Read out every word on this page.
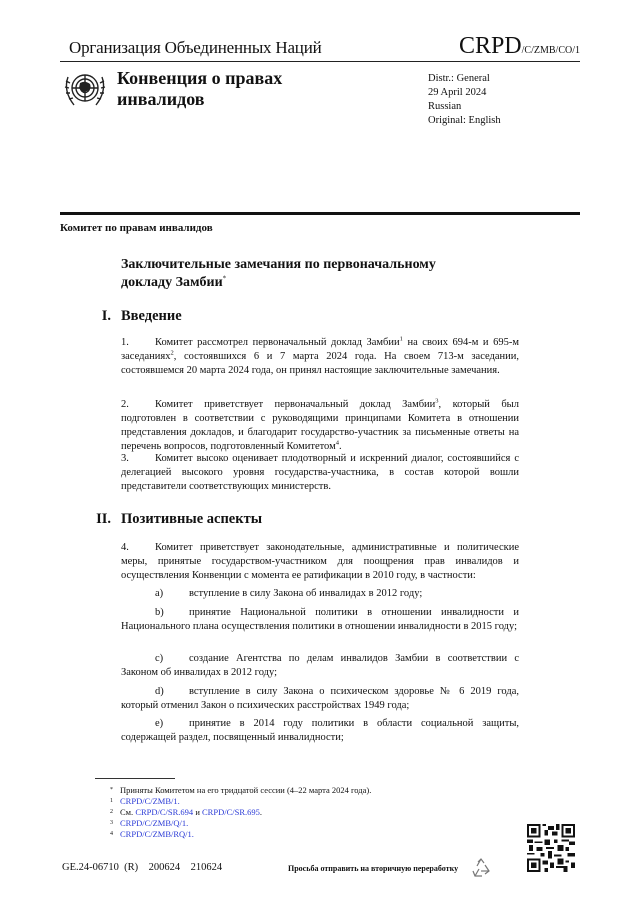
Организация Объединенных Наций	CRPD/C/ZMB/CO/1
Конвенция о правах
инвалидов
Distr.: General
29 April 2024
Russian
Original: English
Комитет по правам инвалидов
Заключительные замечания по первоначальному
докладу Замбии*
I. Введение
1. Комитет рассмотрел первоначальный доклад Замбии$^1$ на своих 694-м и 695-м заседаниях$^2$, состоявшихся 6 и 7 марта 2024 года. На своем 713-м заседании, состоявшемся 20 марта 2024 года, он принял настоящие заключительные замечания.
2. Комитет приветствует первоначальный доклад Замбии$^3$, который был подготовлен в соответствии с руководящими принципами Комитета в отношении представления докладов, и благодарит государство-участник за письменные ответы на перечень вопросов, подготовленный Комитетом$^4$.
3. Комитет высоко оценивает плодотворный и искренний диалог, состоявшийся с делегацией высокого уровня государства-участника, в состав которой вошли представители соответствующих министерств.
II. Позитивные аспекты
4. Комитет приветствует законодательные, административные и политические меры, принятые государством-участником для поощрения прав инвалидов и осуществления Конвенции с момента ее ратификации в 2010 году, в частности:
a) вступление в силу Закона об инвалидах в 2012 году;
b) принятие Национальной политики в отношении инвалидности и Национального плана осуществления политики в отношении инвалидности в 2015 году;
c) создание Агентства по делам инвалидов Замбии в соответствии с Законом об инвалидах в 2012 году;
d) вступление в силу Закона о психическом здоровье № 6 2019 года, который отменил Закон о психических расстройствах 1949 года;
e) принятие в 2014 году политики в области социальной защиты, содержащей раздел, посвященный инвалидности;
* Приняты Комитетом на его тридцатой сессии (4–22 марта 2024 года).
1 CRPD/C/ZMB/1.
2 См. CRPD/C/SR.694 и CRPD/C/SR.695.
3 CRPD/C/ZMB/Q/1.
4 CRPD/C/ZMB/RQ/1.
GE.24-06710  (R)    200624    210624	Просьба отправить на вторичную переработку
